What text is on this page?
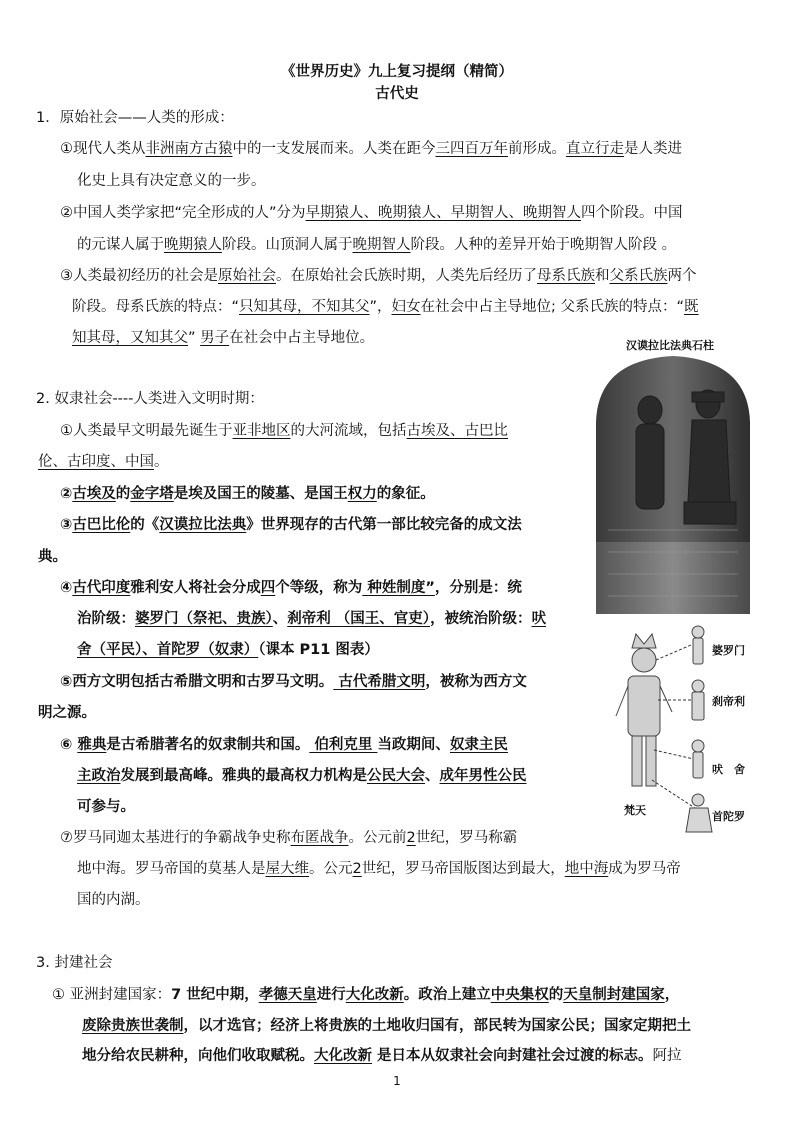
《世界历史》九上复习提纲（精简）
古代史
1．原始社会——人类的形成：
①现代人类从非洲南方古猿中的一支发展而来。人类在距今三四百万年前形成。直立行走是人类进
化史上具有决定意义的一步。
②中国人类学家把“完全形成的人”分为早期猿人、晚期猿人、早期智人、晚期智人四个阶段。中国
的元谋人属于晚期猿人阶段。山顶洞人属于晚期智人阶段。人种的差异开始于晚期智人阶段 。
③人类最初经历的社会是原始社会。在原始社会氏族时期，人类先后经历了母系氏族和父系氏族两个
阶段。母系氏族的特点：“只知其母，不知其父”，妇女在社会中占主导地位; 父系氏族的特点：“既
知其母，又知其父” 男子在社会中占主导地位。	汉谟拉比法典石柱
2. 奴隶社会----人类进入文明时期：
①人类最早文明最先诞生于亚非地区的大河流域，包括古埃及、古巴比
伦、古印度、中国。
②古埃及的金字塔是埃及国王的陵墓、是国王权力的象征。
③古巴比伦的《汉谟拉比法典》世界现存的古代第一部比较完备的成文法
典。
④古代印度雅利安人将社会分成四个等级，称为 种姓制度”，分别是：统
治阶级：婆罗门（祭祀、贵族）、刹帝利 （国王、官吏），被统治阶级：吠
舍（平民）、首陀罗（奴隶）（课本 P11 图表）
⑤西方文明包括古希腊文明和古罗马文明。 古代希腊文明，被称为西方文
明之源。
⑥ 雅典是古希腊著名的奴隶制共和国。 伯利克里 当政期间、奴隶主民
主政治发展到最高峰。雅典的最高权力机构是公民大会、成年男性公民
可参与。
⑦罗马同迦太基进行的争霸战争史称布匿战争。公元前2世纪，罗马称霸
地中海。罗马帝国的莫基人是屋大维。公元2世纪，罗马帝国版图达到最大，地中海成为罗马帝
国的内湖。
婆罗门
刹帝利
吠　舍
首陀罗
梵天
3. 封建社会
① 亚洲封建国家：7 世纪中期，孝德天皇进行大化改新。政治上建立中央集权的天皇制封建国家，
废除贵族世袭制，以才选官；经济上将贵族的土地收归国有，部民转为国家公民；国家定期把土
地分给农民耕种，向他们收取赋税。大化改新 是日本从奴隶社会向封建社会过渡的标志。阿拉
1
